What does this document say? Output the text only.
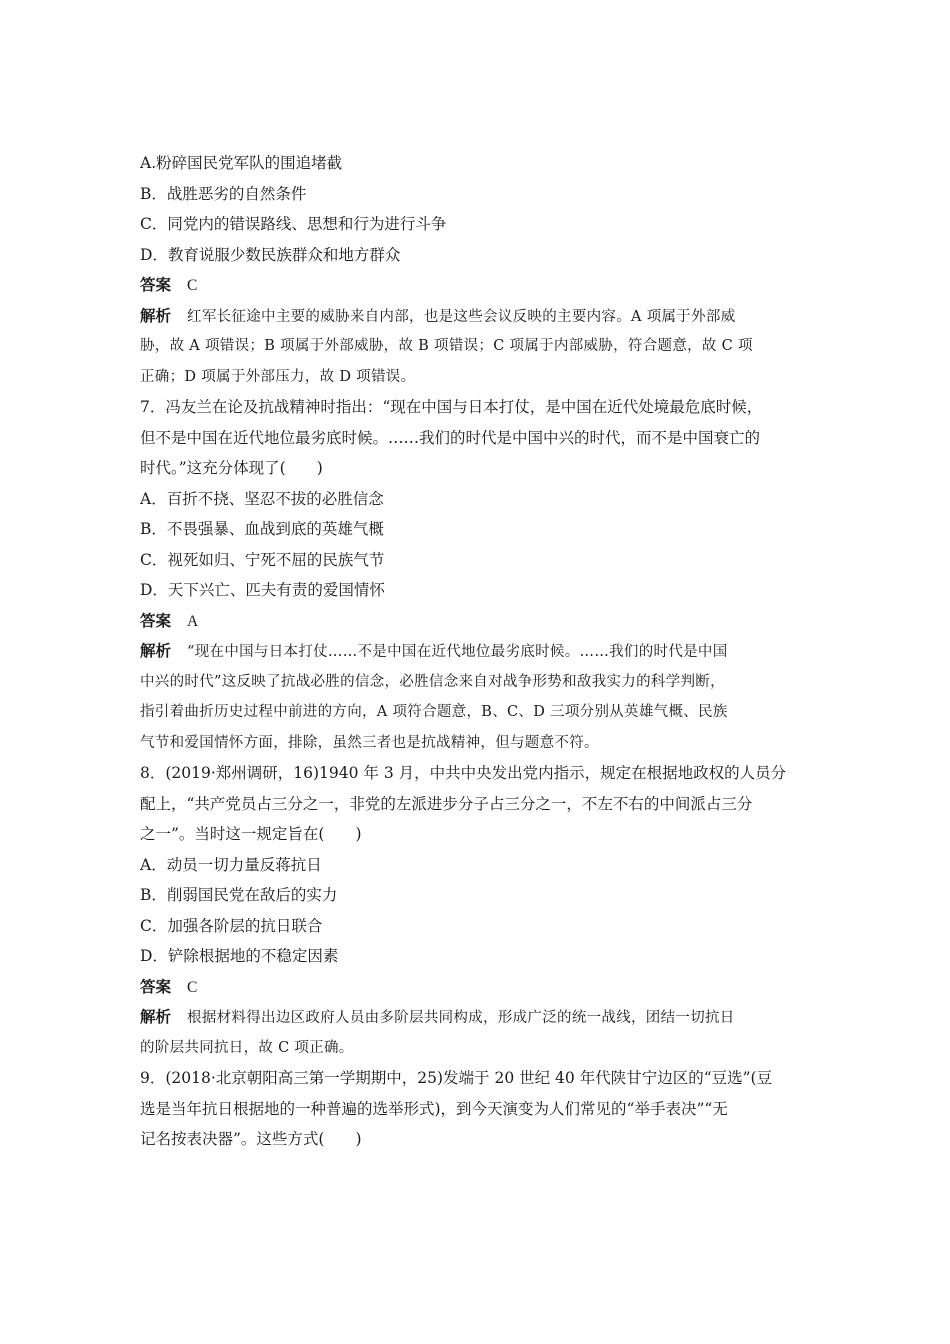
A.粉碎国民党军队的围追堵截
B．战胜恶劣的自然条件
C．同党内的错误路线、思想和行为进行斗争
D．教育说服少数民族群众和地方群众
答案 C
解析 红军长征途中主要的威胁来自内部，也是这些会议反映的主要内容。A 项属于外部威
胁，故 A 项错误；B 项属于外部威胁，故 B 项错误；C 项属于内部威胁，符合题意，故 C 项
正确；D 项属于外部压力，故 D 项错误。
7．冯友兰在论及抗战精神时指出：“现在中国与日本打仗，是中国在近代处境最危底时候，
但不是中国在近代地位最劣底时候。……我们的时代是中国中兴的时代，而不是中国衰亡的
时代。”这充分体现了(　　)
A．百折不挠、坚忍不拔的必胜信念
B．不畏强暴、血战到底的英雄气概
C．视死如归、宁死不屈的民族气节
D．天下兴亡、匹夫有责的爱国情怀
答案 A
解析 “现在中国与日本打仗……不是中国在近代地位最劣底时候。……我们的时代是中国
中兴的时代”这反映了抗战必胜的信念，必胜信念来自对战争形势和敌我实力的科学判断，
指引着曲折历史过程中前进的方向，A 项符合题意，B、C、D 三项分别从英雄气概、民族
气节和爱国情怀方面，排除，虽然三者也是抗战精神，但与题意不符。
8．(2019·郑州调研，16)1940 年 3 月，中共中央发出党内指示，规定在根据地政权的人员分
配上，“共产党员占三分之一，非党的左派进步分子占三分之一，不左不右的中间派占三分
之一”。当时这一规定旨在(　　)
A．动员一切力量反蒋抗日
B．削弱国民党在敌后的实力
C．加强各阶层的抗日联合
D．铲除根据地的不稳定因素
答案 C
解析 根据材料得出边区政府人员由多阶层共同构成，形成广泛的统一战线，团结一切抗日
的阶层共同抗日，故 C 项正确。
9．(2018·北京朝阳高三第一学期期中，25)发端于 20 世纪 40 年代陕甘宁边区的“豆选”(豆
选是当年抗日根据地的一种普遍的选举形式)，到今天演变为人们常见的“举手表决”“无
记名按表决器”。这些方式(　　)
